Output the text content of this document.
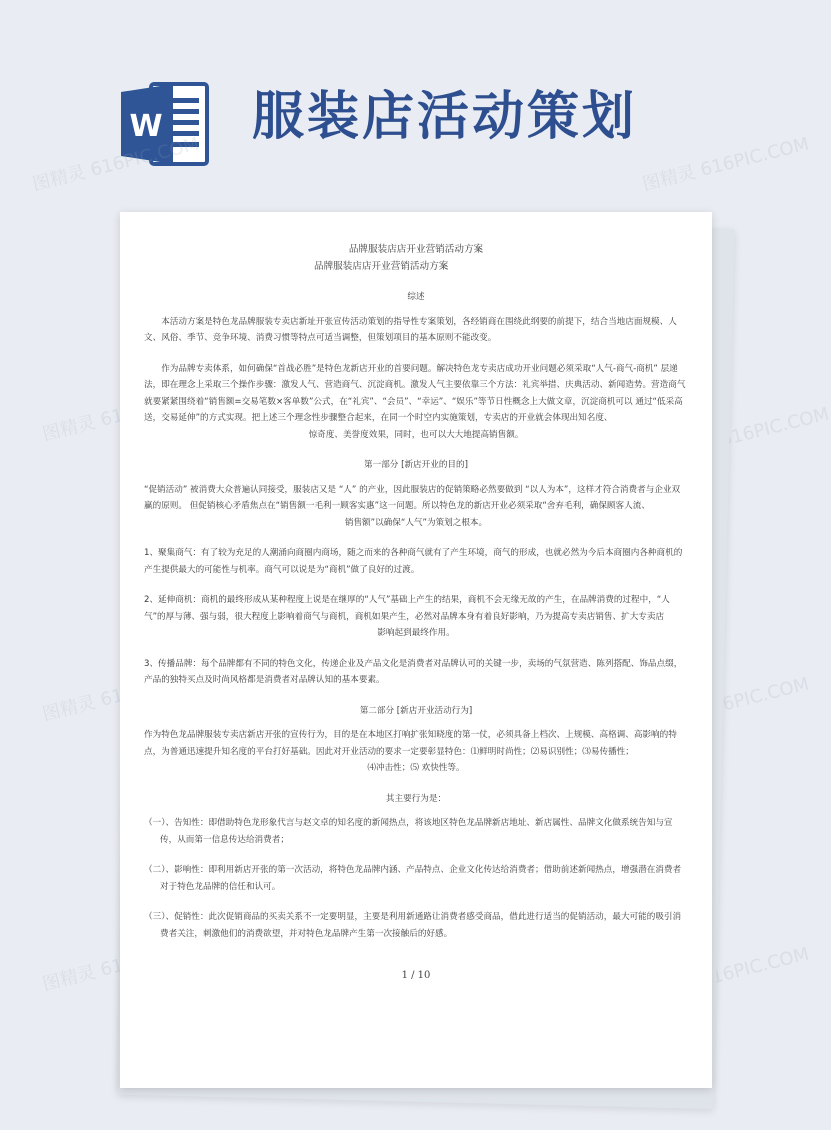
W 服装店活动策划
图精灵 616PIC.COM	图精灵 616PIC.COM
图精灵	图精灵 616PIC.COM
图精灵	图精灵 616PIC.COM
图精灵	图精灵 616PIC.COM

品牌服装店店开业营销活动方案

品牌服装店店开业营销活动方案

综述

本活动方案是特色龙品牌服装专卖店新址开张宣传活动策划的指导性专案策划，各经销商在围绕此纲要的前提下，结合当地店面规模、人文、风俗、季节、竞争环境、消费习惯等特点可适当调整，但策划项目的基本原则不能改变。

作为品牌专卖体系，如何确保“首战必胜”是特色龙新店开业的首要问题。解决特色龙专卖店成功开业问题必须采取“人气-商气-商机” 层递法，即在理念上采取三个操作步骤：激发人气、营造商气、沉淀商机。激发人气主要依靠三个方法：礼宾举措、庆典活动、新闻造势。营造商气就要紧紧围绕着“销售额=交易笔数×客单数”公式，在“礼宾”、“会员”、“幸运”、“娱乐”等节日性概念上大做文章，沉淀商机可以 通过“低采高送，交易延伸”的方式实现。把上述三个理念性步骤整合起来，在同一个时空内实施策划，专卖店的开业就会体现出知名度、

惊奇度、美誉度效果，同时，也可以大大地提高销售额。

第一部分 [新店开业的目的]

“促销活动” 被消费大众普遍认同接受，服装店又是 “人” 的产业，因此服装店的促销策略必然要做到 “以人为本”，这样才符合消费者与企业双赢的原则。 但促销核心矛盾焦点在“销售额一毛利一顾客实惠”这一问题。所以特色龙的新店开业必须采取“舍弃毛利，确保顾客人流、

销售额”以确保“人气”为策划之根本。

1、聚集商气：有了较为充足的人潮涌向商圈内商场，随之而来的各种商气就有了产生环境，商气的形成，也就必然为今后本商圈内各种商机的产生提供最大的可能性与机率。商气可以说是为“商机”做了良好的过渡。

2、延伸商机：商机的最终形成从某种程度上说是在继厚的“人气”基础上产生的结果，商机不会无缘无故的产生，在品牌消费的过程中，“人气”的厚与薄、强与弱，很大程度上影响着商气与商机，商机如果产生，必然对品牌本身有着良好影响，乃为提高专卖店销售、扩大专卖店

影响起到最终作用。

3、传播品牌：每个品牌都有不同的特色文化，传递企业及产品文化是消费者对品牌认可的关键一步，卖场的气氛营造、陈列搭配、饰品点缀，产品的独特买点及时尚风格都是消费者对品牌认知的基本要素。

第二部分 [新店开业活动行为]

作为特色龙品牌服装专卖店新店开张的宣传行为，目的是在本地区打响扩张知晓度的第一仗，必须具备上档次、上规模、高格调、高影响的特点，为普通迅速提升知名度的平台打好基础。因此对开业活动的要求一定要彰显特色：⑴鲜明时尚性；⑵易识别性；⑶易传播性；

⑷冲击性；⑸ 欢快性等。

其主要行为是：

（一）、告知性：即借助特色龙形象代言与赵文卓的知名度的新闻热点，将该地区特色龙品牌新店地址、新店属性、品牌文化做系统告知与宣传，从而第一信息传达给消费者；

（二）、影响性：即利用新店开张的第一次活动，将特色龙品牌内涵、产品特点、企业文化传达给消费者；借助前述新闻热点，增强潜在消费者对于特色龙品牌的信任和认可。

（三）、促销性：此次促销商品的买卖关系不一定要明显，主要是利用新通路让消费者感受商品，借此进行适当的促销活动，最大可能的吸引消费者关注，刺激他们的消费欲望，并对特色龙品牌产生第一次接触后的好感。

1 / 10
